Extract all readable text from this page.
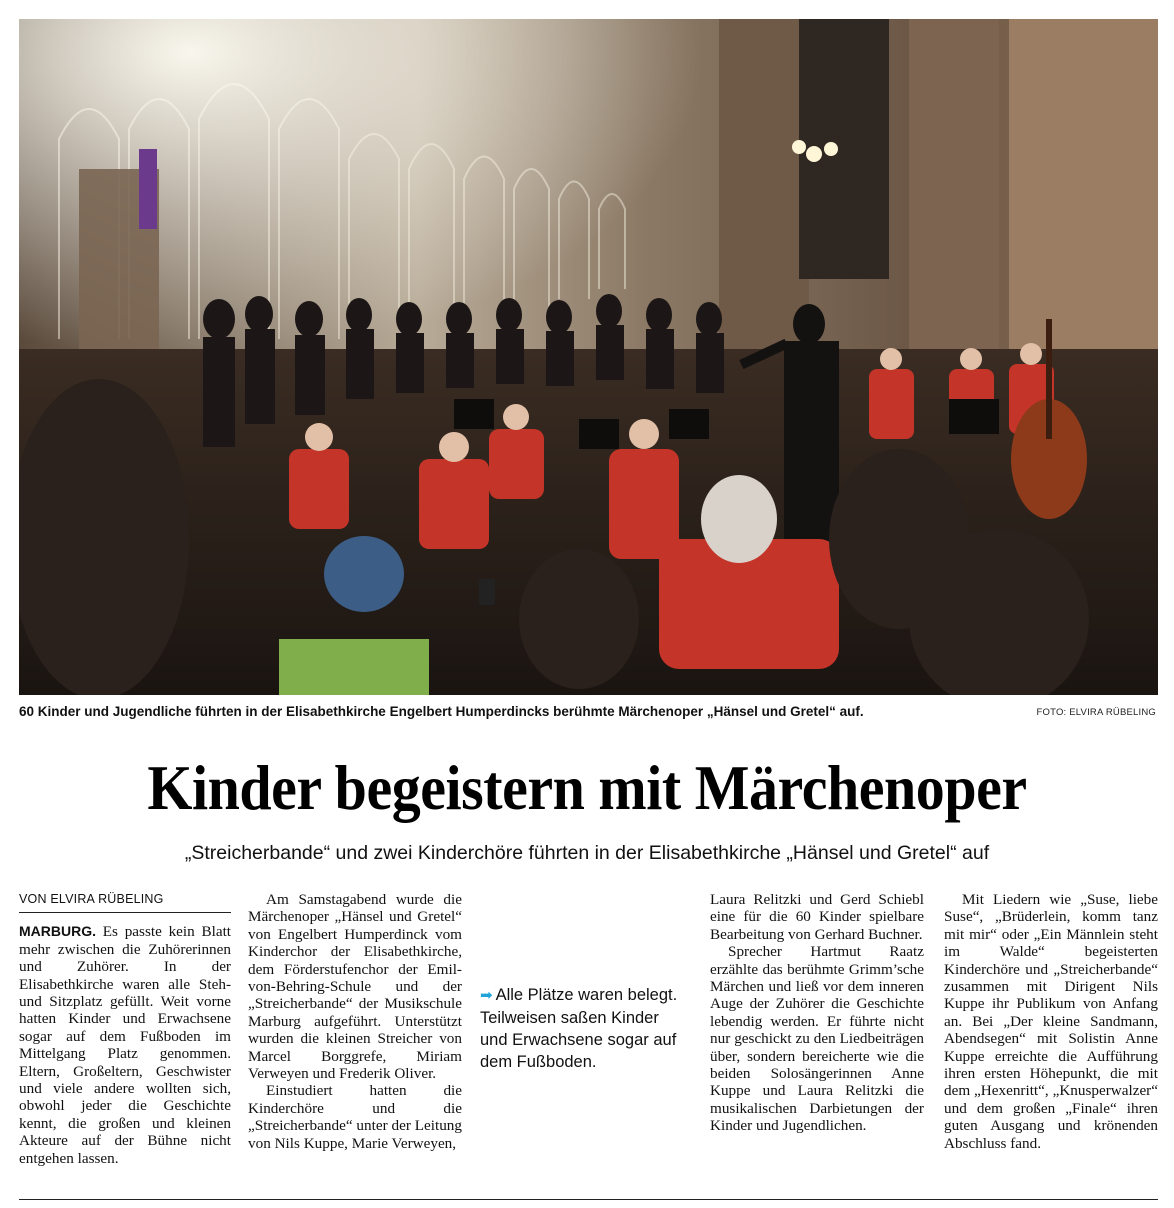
60 Kinder und Jugendliche führten in der Elisabethkirche Engelbert Humperdincks berühmte Märchenoper „Hänsel und Gretel“ auf.	FOTO: ELVIRA RÜBELING
Kinder begeistern mit Märchenoper
„Streicherbande“ und zwei Kinderchöre führten in der Elisabethkirche „Hänsel und Gretel“ auf
VON ELVIRA RÜBELING

MARBURG. Es passte kein Blatt mehr zwischen die Zuhörerinnen und Zuhörer. In der Elisabethkirche waren alle Steh- und Sitzplatz gefüllt. Weit vorne hatten Kinder und Erwachsene sogar auf dem Fußboden im Mittelgang Platz genommen. Eltern, Großeltern, Geschwister und viele andere wollten sich, obwohl jeder die Geschichte kennt, die großen und kleinen Akteure auf der Bühne nicht entgehen lassen.

Am Samstagabend wurde die Märchenoper „Hänsel und Gretel“ von Engelbert Humperdinck vom Kinderchor der Elisabethkirche, dem Förderstufenchor der Emil-von-Behring-Schule und der „Streicherbande“ der Musikschule Marburg aufgeführt. Unterstützt wurden die kleinen Streicher von Marcel Borggrefe, Miriam Verweyen und Frederik Oliver.

Einstudiert hatten die Kinderchöre und die „Streicherbande“ unter der Leitung von Nils Kuppe, Marie Verweyen,

➡ Alle Plätze waren belegt. Teilweisen saßen Kinder und Erwachsene sogar auf dem Fußboden.

Laura Relitzki und Gerd Schiebl eine für die 60 Kinder spielbare Bearbeitung von Gerhard Buchner.

Sprecher Hartmut Raatz erzählte das berühmte Grimm’sche Märchen und ließ vor dem inneren Auge der Zuhörer die Geschichte lebendig werden. Er führte nicht nur geschickt zu den Liedbeiträgen über, sondern bereicherte wie die beiden Solosängerinnen Anne Kuppe und Laura Relitzki die musikalischen Darbietungen der Kinder und Jugendlichen.

Mit Liedern wie „Suse, liebe Suse“, „Brüderlein, komm tanz mit mir“ oder „Ein Männlein steht im Walde“ begeisterten Kinderchöre und „Streicherbande“ zusammen mit Dirigent Nils Kuppe ihr Publikum von Anfang an. Bei „Der kleine Sandmann, Abendsegen“ mit Solistin Anne Kuppe erreichte die Aufführung ihren ersten Höhepunkt, die mit dem „Hexenritt“, „Knusperwalzer“ und dem großen „Finale“ ihren guten Ausgang und krönenden Abschluss fand.
